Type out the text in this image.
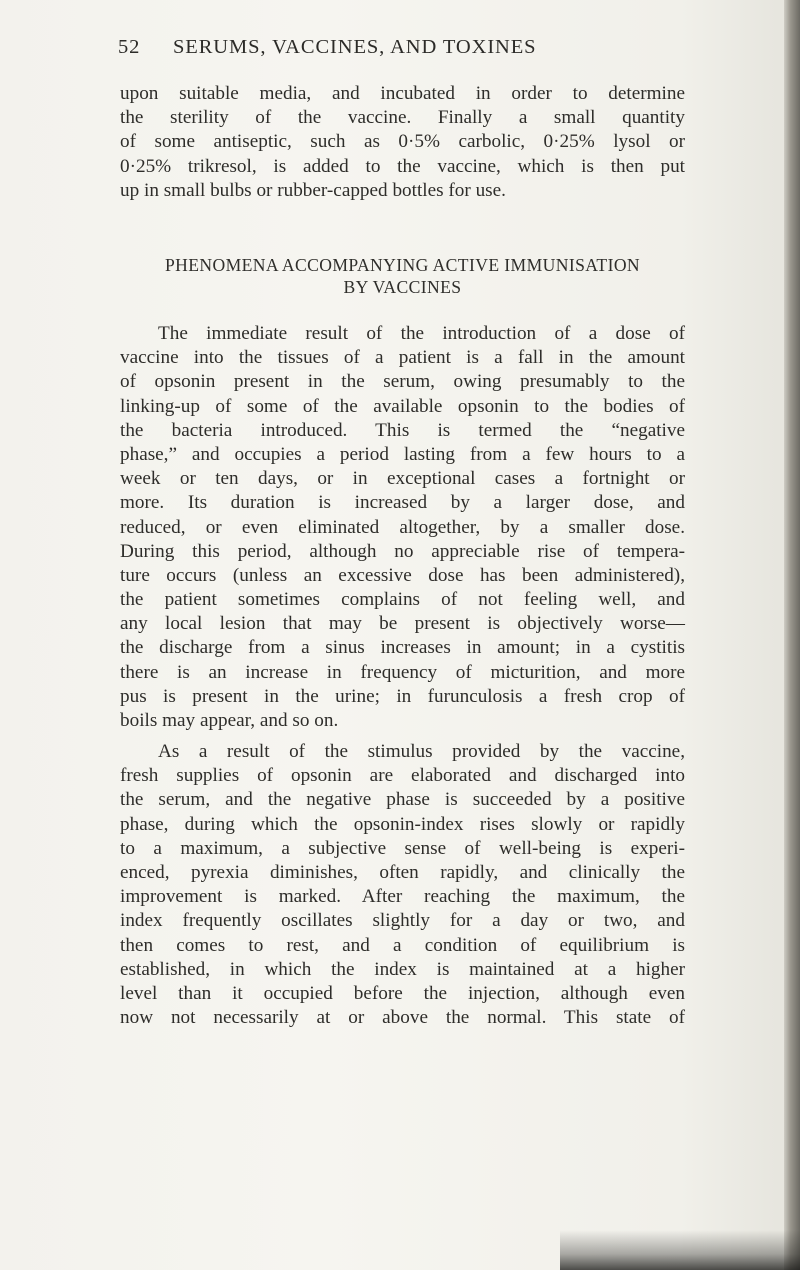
52 SERUMS, VACCINES, AND TOXINES
upon suitable media, and incubated in order to determine
the sterility of the vaccine. Finally a small quantity
of some antiseptic, such as 0·5% carbolic, 0·25% lysol or
0·25% trikresol, is added to the vaccine, which is then put
up in small bulbs or rubber-capped bottles for use.
PHENOMENA ACCOMPANYING ACTIVE IMMUNISATION
BY VACCINES
The immediate result of the introduction of a dose of
vaccine into the tissues of a patient is a fall in the amount
of opsonin present in the serum, owing presumably to the
linking-up of some of the available opsonin to the bodies of
the bacteria introduced. This is termed the “negative
phase,” and occupies a period lasting from a few hours to a
week or ten days, or in exceptional cases a fortnight or
more. Its duration is increased by a larger dose, and
reduced, or even eliminated altogether, by a smaller dose.
During this period, although no appreciable rise of tempera-
ture occurs (unless an excessive dose has been administered),
the patient sometimes complains of not feeling well, and
any local lesion that may be present is objectively worse—
the discharge from a sinus increases in amount; in a cystitis
there is an increase in frequency of micturition, and more
pus is present in the urine; in furunculosis a fresh crop of
boils may appear, and so on.
As a result of the stimulus provided by the vaccine,
fresh supplies of opsonin are elaborated and discharged into
the serum, and the negative phase is succeeded by a positive
phase, during which the opsonin-index rises slowly or rapidly
to a maximum, a subjective sense of well-being is experi-
enced, pyrexia diminishes, often rapidly, and clinically the
improvement is marked. After reaching the maximum, the
index frequently oscillates slightly for a day or two, and
then comes to rest, and a condition of equilibrium is
established, in which the index is maintained at a higher
level than it occupied before the injection, although even
now not necessarily at or above the normal. This state of
